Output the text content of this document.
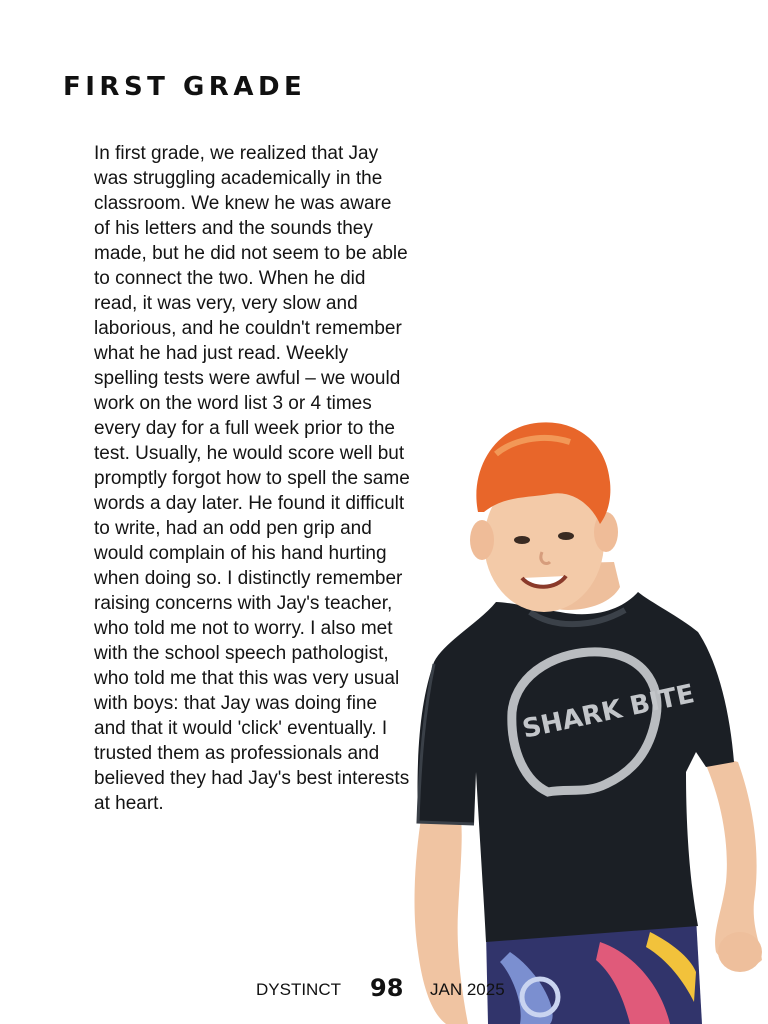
FIRST GRADE

In first grade, we realized that Jay was struggling academically in the classroom. We knew he was aware of his letters and the sounds they made, but he did not seem to be able to connect the two. When he did read, it was very, very slow and laborious, and he couldn't remember what he had just read. Weekly spelling tests were awful – we would work on the word list 3 or 4 times every day for a full week prior to the test. Usually, he would score well but promptly forgot how to spell the same words a day later. He found it difficult to write, had an odd pen grip and would complain of his hand hurting when doing so. I distinctly remember raising concerns with Jay's teacher, who told me not to worry. I also met with the school speech pathologist, who told me that this was very usual with boys: that Jay was doing fine and that it would 'click' eventually. I trusted them as professionals and believed they had Jay's best interests at heart.

SHARK BITE
DYSTINCT 98 JAN 2025
